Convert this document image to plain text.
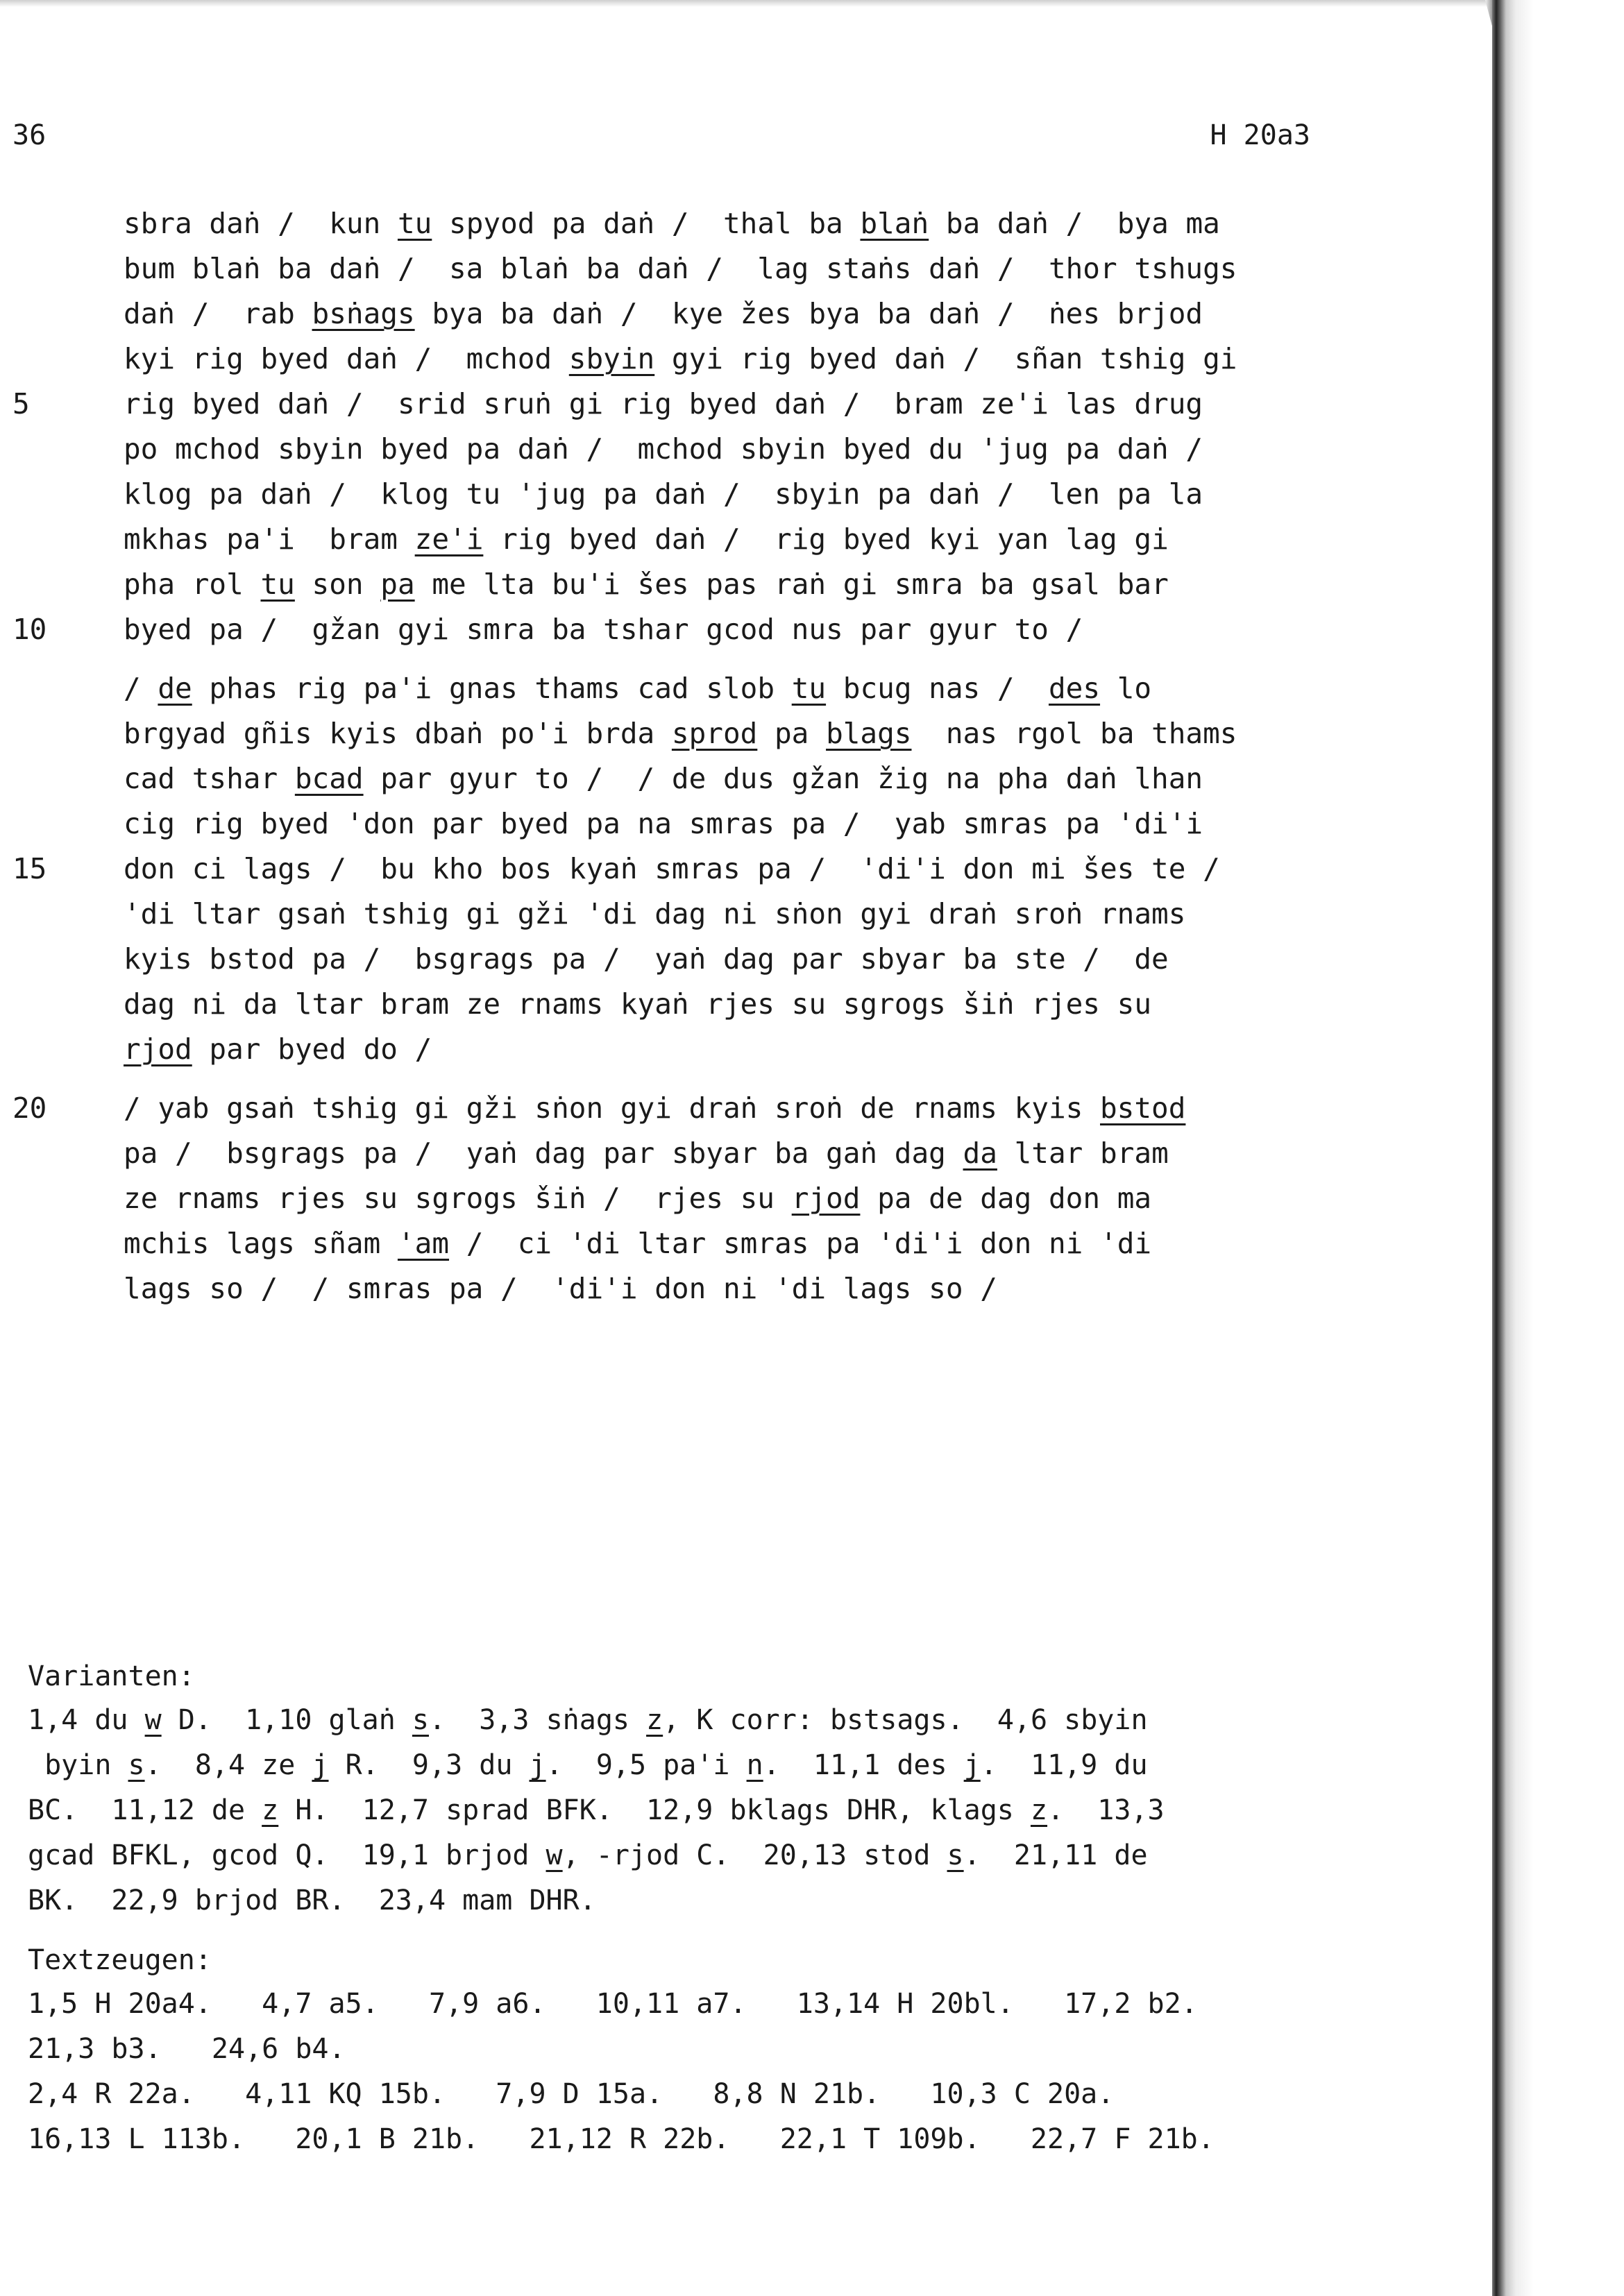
36	H 20a3
sbra daṅ /  kun tu spyod pa daṅ /  thal ba blaṅ ba daṅ /  bya ma
bum blaṅ ba daṅ /  sa blaṅ ba daṅ /  lag staṅs daṅ /  thor tshugs
daṅ /  rab bsṅags bya ba daṅ /  kye žes bya ba daṅ /  ṅes brjod
kyi rig byed daṅ /  mchod sbyin gyi rig byed daṅ /  sñan tshig gi
5	rig byed daṅ /  srid sruṅ gi rig byed daṅ /  bram ze'i las drug
po mchod sbyin byed pa daṅ /  mchod sbyin byed du 'jug pa daṅ /
klog pa daṅ /  klog tu 'jug pa daṅ /  sbyin pa daṅ /  len pa la
mkhas pa'i  bram ze'i rig byed daṅ /  rig byed kyi yan lag gi
pha rol tu son pa me lta bu'i šes pas raṅ gi smra ba gsal bar
10	byed pa /  gžan gyi smra ba tshar gcod nus par gyur to /
/ de phas rig pa'i gnas thams cad slob tu bcug nas /  des lo
brgyad gñis kyis dbaṅ po'i brda sprod pa blags  nas rgol ba thams
cad tshar bcad par gyur to /  / de dus gžan žig na pha daṅ lhan
cig rig byed 'don par byed pa na smras pa /  yab smras pa 'di'i
15	don ci lags /  bu kho bos kyaṅ smras pa /  'di'i don mi šes te /
'di ltar gsaṅ tshig gi gži 'di dag ni sṅon gyi draṅ sroṅ rnams
kyis bstod pa /  bsgrags pa /  yaṅ dag par sbyar ba ste /  de
dag ni da ltar bram ze rnams kyaṅ rjes su sgrogs šiṅ rjes su
rjod par byed do /
20	/ yab gsaṅ tshig gi gži sṅon gyi draṅ sroṅ de rnams kyis bstod
pa /  bsgrags pa /  yaṅ dag par sbyar ba gaṅ dag da ltar bram
ze rnams rjes su sgrogs šiṅ /  rjes su rjod pa de dag don ma
mchis lags sñam 'am /  ci 'di ltar smras pa 'di'i don ni 'di
lags so /  / smras pa /  'di'i don ni 'di lags so /
Varianten:
1,4 du w D.  1,10 glaṅ s.  3,3 sṅags z, K corr: bstsags.  4,6 sbyin
byin s.  8,4 ze j R.  9,3 du j.  9,5 pa'i n.  11,1 des j.  11,9 du
BC.  11,12 de z H.  12,7 sprad BFK.  12,9 bklags DHR, klags z.  13,3
gcad BFKL, gcod Q.  19,1 brjod w, -rjod C.  20,13 stod s.  21,11 de
BK.  22,9 brjod BR.  23,4 mam DHR.
Textzeugen:
1,5 H 20a4.   4,7 a5.   7,9 a6.   10,11 a7.   13,14 H 20bl.   17,2 b2.
21,3 b3.   24,6 b4.
2,4 R 22a.   4,11 KQ 15b.   7,9 D 15a.   8,8 N 21b.   10,3 C 20a.
16,13 L 113b.   20,1 B 21b.   21,12 R 22b.   22,1 T 109b.   22,7 F 21b.
